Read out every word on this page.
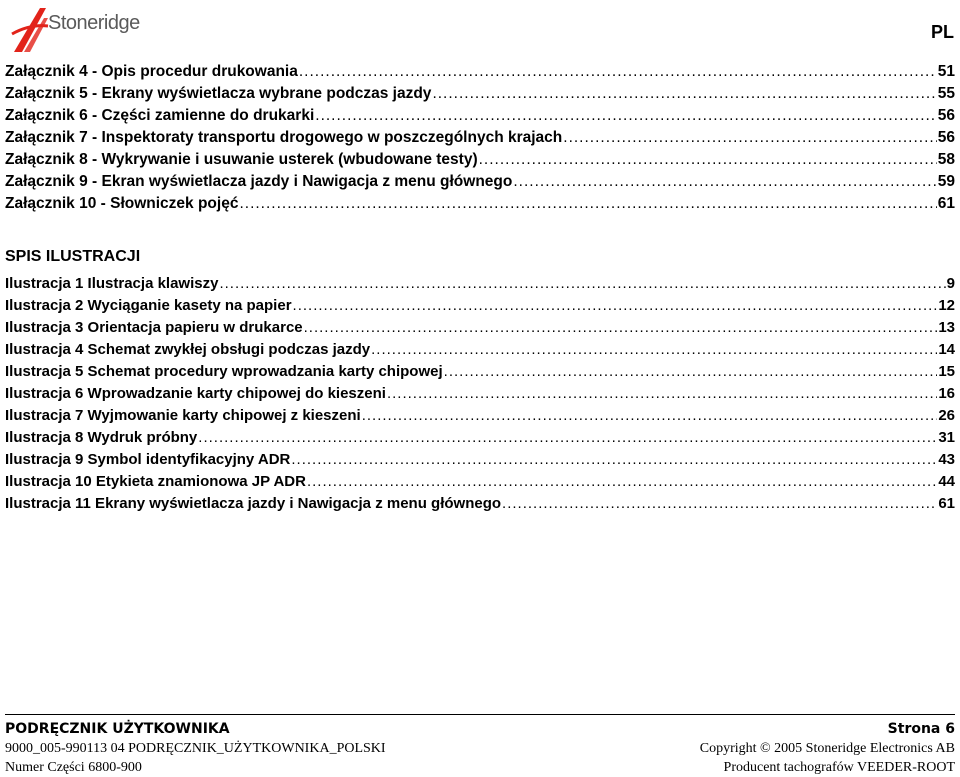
Stoneridge	PL
Załącznik 4 - Opis procedur drukowania .....	51
Załącznik 5 - Ekrany wyświetlacza wybrane podczas jazdy .....	55
Załącznik 6 - Części zamienne do drukarki .....	56
Załącznik 7 - Inspektoraty transportu drogowego w poszczególnych krajach .....	56
Załącznik 8 - Wykrywanie i usuwanie usterek (wbudowane testy) .....	58
Załącznik 9 - Ekran wyświetlacza jazdy i Nawigacja z menu głównego .....	59
Załącznik 10 - Słowniczek pojęć .....	61
SPIS ILUSTRACJI
Ilustracja 1 Ilustracja klawiszy .....	9
Ilustracja 2 Wyciąganie kasety na papier .....	12
Ilustracja 3 Orientacja papieru w drukarce .....	13
Ilustracja 4 Schemat zwykłej obsługi podczas jazdy .....	14
Ilustracja 5 Schemat procedury wprowadzania karty chipowej .....	15
Ilustracja 6 Wprowadzanie karty chipowej do kieszeni .....	16
Ilustracja 7 Wyjmowanie karty chipowej z kieszeni .....	26
Ilustracja 8 Wydruk próbny .....	31
Ilustracja 9 Symbol identyfikacyjny ADR .....	43
Ilustracja 10 Etykieta znamionowa JP ADR .....	44
Ilustracja 11 Ekrany wyświetlacza jazdy i Nawigacja z menu głównego .....	61
PODRĘCZNIK UŻYTKOWNIKA	Strona 6
9000_005-990113 04 PODRĘCZNIK_UŻYTKOWNIKA_POLSKI	Copyright © 2005 Stoneridge Electronics AB
Numer Części 6800-900	Producent tachografów VEEDER-ROOT
